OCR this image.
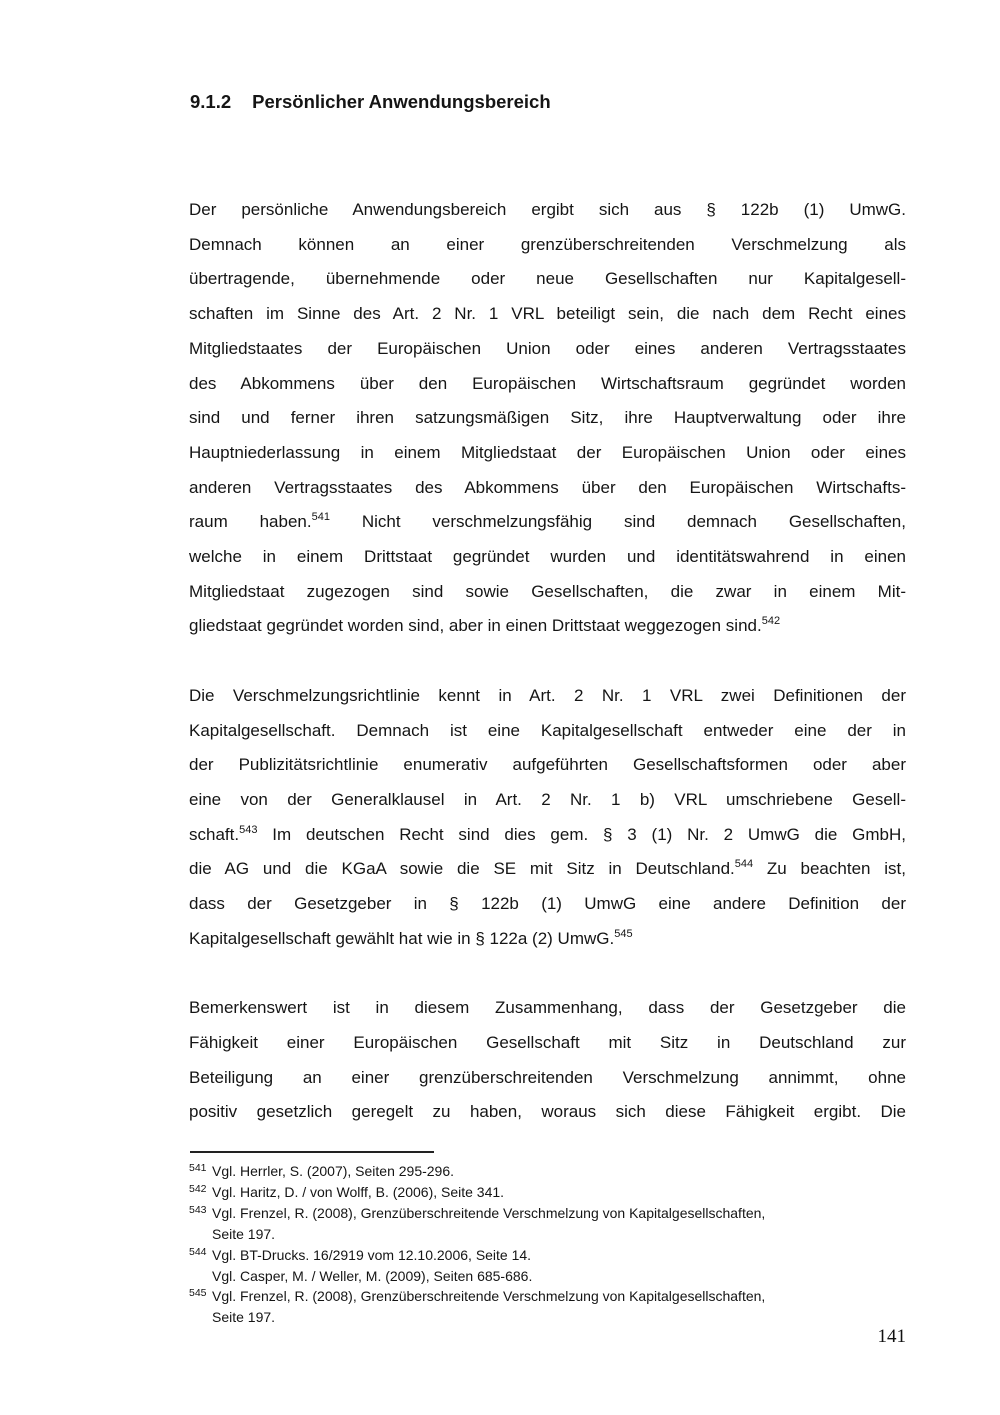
9.1.2 Persönlicher Anwendungsbereich
Der persönliche Anwendungsbereich ergibt sich aus § 122b (1) UmwG.
Demnach können an einer grenzüberschreitenden Verschmelzung als
übertragende, übernehmende oder neue Gesellschaften nur Kapitalgesell-
schaften im Sinne des Art. 2 Nr. 1 VRL beteiligt sein, die nach dem Recht eines
Mitgliedstaates der Europäischen Union oder eines anderen Vertragsstaates
des Abkommens über den Europäischen Wirtschaftsraum gegründet worden
sind und ferner ihren satzungsmäßigen Sitz, ihre Hauptverwaltung oder ihre
Hauptniederlassung in einem Mitgliedstaat der Europäischen Union oder eines
anderen Vertragsstaates des Abkommens über den Europäischen Wirtschafts-
raum haben.$^{541}$ Nicht verschmelzungsfähig sind demnach Gesellschaften,
welche in einem Drittstaat gegründet wurden und identitätswahrend in einen
Mitgliedstaat zugezogen sind sowie Gesellschaften, die zwar in einem Mit-
gliedstaat gegründet worden sind, aber in einen Drittstaat weggezogen sind.$^{542}$
Die Verschmelzungsrichtlinie kennt in Art. 2 Nr. 1 VRL zwei Definitionen der
Kapitalgesellschaft. Demnach ist eine Kapitalgesellschaft entweder eine der in
der Publizitätsrichtlinie enumerativ aufgeführten Gesellschaftsformen oder aber
eine von der Generalklausel in Art. 2 Nr. 1 b) VRL umschriebene Gesell-
schaft.$^{543}$ Im deutschen Recht sind dies gem. § 3 (1) Nr. 2 UmwG die GmbH,
die AG und die KGaA sowie die SE mit Sitz in Deutschland.$^{544}$ Zu beachten ist,
dass der Gesetzgeber in § 122b (1) UmwG eine andere Definition der
Kapitalgesellschaft gewählt hat wie in § 122a (2) UmwG.$^{545}$
Bemerkenswert ist in diesem Zusammenhang, dass der Gesetzgeber die
Fähigkeit einer Europäischen Gesellschaft mit Sitz in Deutschland zur
Beteiligung an einer grenzüberschreitenden Verschmelzung annimmt, ohne
positiv gesetzlich geregelt zu haben, woraus sich diese Fähigkeit ergibt. Die
541 Vgl. Herrler, S. (2007), Seiten 295-296.
542 Vgl. Haritz, D. / von Wolff, B. (2006), Seite 341.
543 Vgl. Frenzel, R. (2008), Grenzüberschreitende Verschmelzung von Kapitalgesellschaften,
Seite 197.
544 Vgl. BT-Drucks. 16/2919 vom 12.10.2006, Seite 14.
Vgl. Casper, M. / Weller, M. (2009), Seiten 685-686.
545 Vgl. Frenzel, R. (2008), Grenzüberschreitende Verschmelzung von Kapitalgesellschaften,
Seite 197.
141
